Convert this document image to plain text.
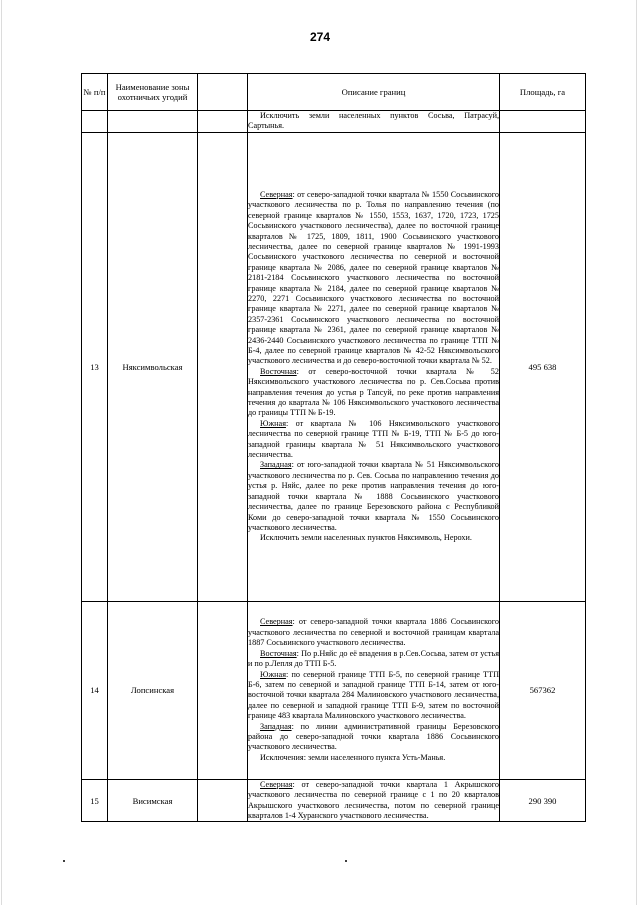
274
№ п/п	Наименование зоны охотничьих угодий		Описание границ	Площадь, га

			Исключить земли населенных пунктов Сосьва, Патрасуй, Сартынья.	

13	Няксимвольская		Северная: от северо-западной точки квартала № 1550 Сосьвинского участкового лесничества по р. Толья по направлению течения (по северной границе кварталов № 1550, 1553, 1637, 1720, 1723, 1725 Сосьвинского участкового лесничества), далее по восточной границе кварталов № 1725, 1809, 1811, 1900 Сосьвинского участкового лесничества, далее по северной границе кварталов № 1991-1993 Сосьвинского участкового лесничества по северной и восточной границе квартала № 2086, далее по северной границе кварталов № 2181-2184 Сосьвинского участкового лесничества по восточной границе квартала № 2184, далее по северной границе кварталов № 2270, 2271 Сосьвинского участкового лесничества по восточной границе квартала № 2271, далее по северной границе кварталов № 2357-2361 Сосьвинского участкового лесничества по восточной границе квартала № 2361, далее по северной границе кварталов № 2436-2440 Сосьвинского участкового лесничества по границе ТТП № Б-4, далее по северной границе кварталов № 42-52 Няксимвольского участкового лесничества и до северо-восточной точки квартала № 52.

Восточная: от северо-восточной точки квартала № 52 Няксимвольского участкового лесничества по р. Сев.Сосьва против направления течения до устья р Тапсуй, по реке против направления течения до квартала № 106 Няксимвольского участкового лесничества до границы ТТП № Б-19.

Южная: от квартала № 106 Няксимвольского участкового лесничества по северной границе ТТП № Б-19, ТТП № Б-5 до юго-западной границы квартала № 51 Няксимвольского участкового лесничества.

Западная: от юго-западной точки квартала № 51 Няксимвольского участкового лесничества по р. Сев. Сосьва по направлению течения до устья р. Няйс, далее по реке против направления течения до юго-западной точки квартала № 1888 Сосьвинского участкового лесничества, далее по границе Березовского района с Республикой Коми до северо-западной точки квартала № 1550 Сосьвинского участкового лесничества.

Исключить земли населенных пунктов Няксимволь, Нерохи.	495 638
14	Лопсинская		Северная: от северо-западной точки квартала 1886 Сосьвинского участкового лесничества по северной и восточной границам квартала 1887 Сосьвинского участкового лесничества.

Восточная: По р.Няйс до её впадения в р.Сев.Сосьва, затем от устья и по р.Лепля до ТТП Б-5.

Южная: по северной границе ТТП Б-5, по северной границе ТТП Б-6, затем по северной и западной границе ТТП Б-14, затем от юго-восточной точки квартала 284 Малиновского участкового лесничества, далее по северной и западной границе ТТП Б-9, затем по восточной границе 483 квартала Малиновского участкового лесничества.

Западная: по линии административной границы Березовского района до северо-западной точки квартала 1886 Сосьвинского участкового лесничества.

Исключения: земли населенного пункта Усть-Манья.	567362
15	Висимская		Северная: от северо-западной точки квартала 1 Акрышского участкового лесничества по северной границе с 1 по 20 кварталов Акрышского участкового лесничества, потом по северной границе кварталов 1-4 Хуранского участкового лесничества.	290 390
